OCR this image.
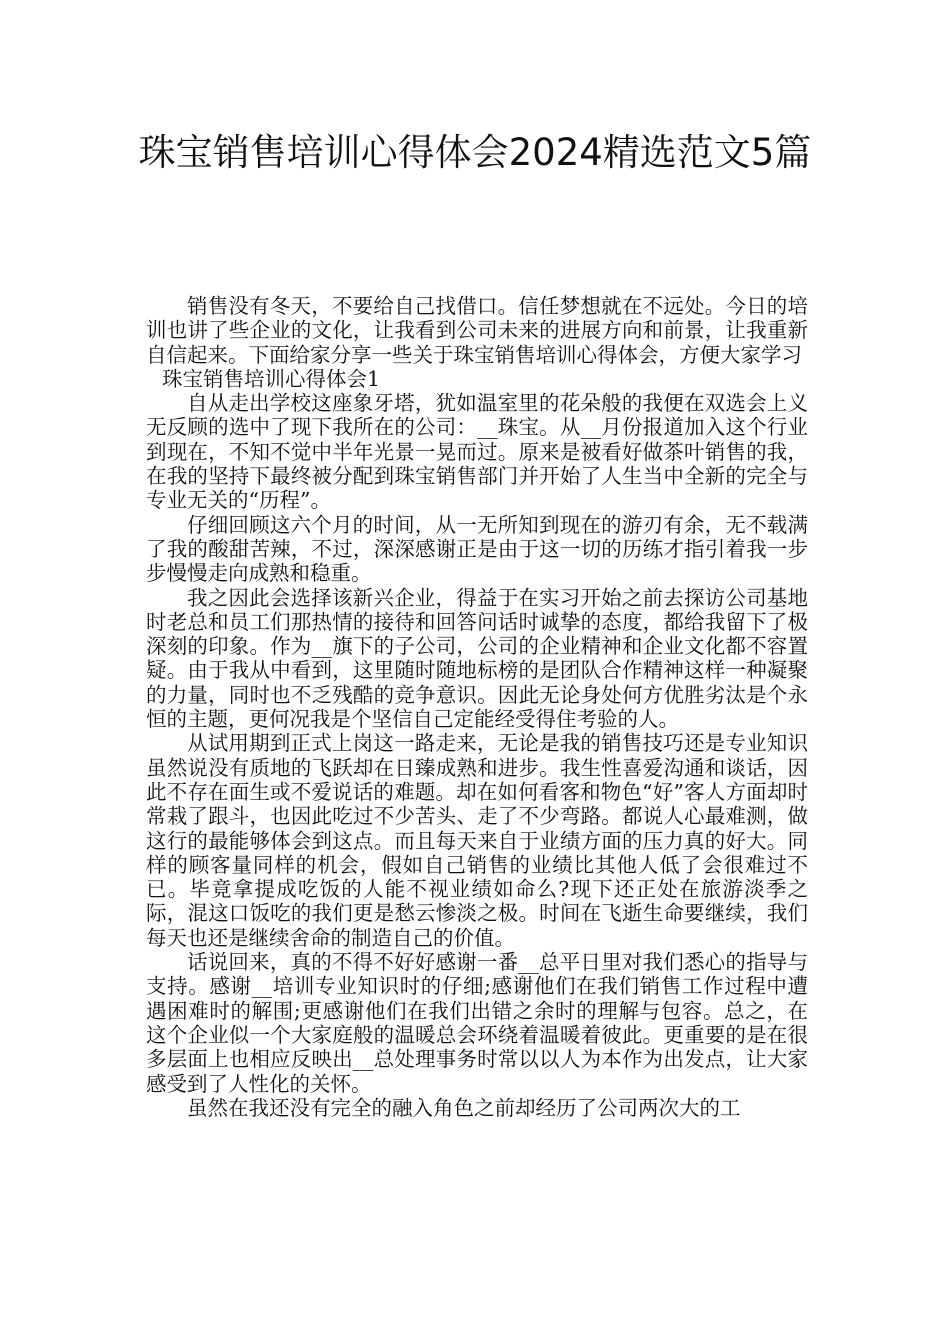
珠宝销售培训心得体会2024精选范文5篇

销售没有冬天，不要给自己找借口。信任梦想就在不远处。今日的培训也讲了些企业的文化，让我看到公司未来的进展方向和前景，让我重新自信起来。下面给家分享一些关于珠宝销售培训心得体会，方便大家学习

珠宝销售培训心得体会1

自从走出学校这座象牙塔，犹如温室里的花朵般的我便在双选会上义无反顾的选中了现下我所在的公司：__珠宝。从__月份报道加入这个行业到现在，不知不觉中半年光景一晃而过。原来是被看好做茶叶销售的我，在我的坚持下最终被分配到珠宝销售部门并开始了人生当中全新的完全与专业无关的“历程”。

仔细回顾这六个月的时间，从一无所知到现在的游刃有余，无不载满了我的酸甜苦辣，不过，深深感谢正是由于这一切的历练才指引着我一步步慢慢走向成熟和稳重。

我之因此会选择该新兴企业，得益于在实习开始之前去探访公司基地时老总和员工们那热情的接待和回答问话时诚挚的态度，都给我留下了极深刻的印象。作为__旗下的子公司，公司的企业精神和企业文化都不容置疑。由于我从中看到，这里随时随地标榜的是团队合作精神这样一种凝聚的力量，同时也不乏残酷的竞争意识。因此无论身处何方优胜劣汰是个永恒的主题，更何况我是个坚信自己定能经受得住考验的人。

从试用期到正式上岗这一路走来，无论是我的销售技巧还是专业知识虽然说没有质地的飞跃却在日臻成熟和进步。我生性喜爱沟通和谈话，因此不存在面生或不爱说话的难题。却在如何看客和物色“好”客人方面却时常栽了跟斗，也因此吃过不少苦头、走了不少弯路。都说人心最难测，做这行的最能够体会到这点。而且每天来自于业绩方面的压力真的好大。同样的顾客量同样的机会，假如自己销售的业绩比其他人低了会很难过不已。毕竟拿提成吃饭的人能不视业绩如命么?现下还正处在旅游淡季之际，混这口饭吃的我们更是愁云惨淡之极。时间在飞逝生命要继续，我们每天也还是继续舍命的制造自己的价值。

话说回来，真的不得不好好感谢一番__总平日里对我们悉心的指导与支持。感谢__培训专业知识时的仔细;感谢他们在我们销售工作过程中遭遇困难时的解围;更感谢他们在我们出错之余时的理解与包容。总之，在这个企业似一个大家庭般的温暖总会环绕着温暖着彼此。更重要的是在很多层面上也相应反映出__总处理事务时常以以人为本作为出发点，让大家感受到了人性化的关怀。

虽然在我还没有完全的融入角色之前却经历了公司两次大的工
